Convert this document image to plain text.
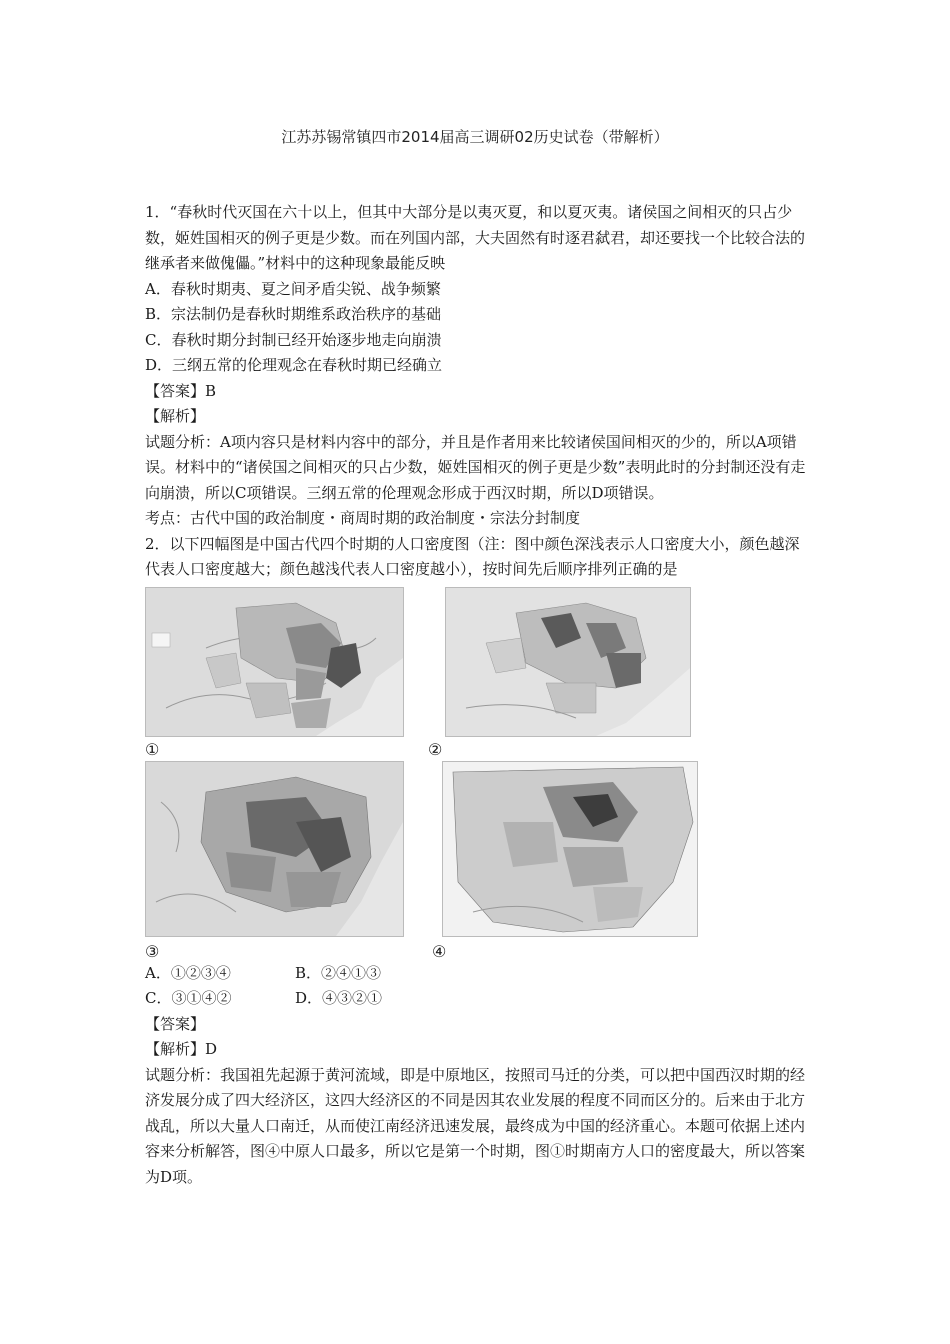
江苏苏锡常镇四市2014届高三调研02历史试卷（带解析）

1．“春秋时代灭国在六十以上，但其中大部分是以夷灭夏，和以夏灭夷。诸侯国之间相灭的只占少数，姬姓国相灭的例子更是少数。而在列国内部，大夫固然有时逐君弑君，却还要找一个比较合法的继承者来做傀儡。”材料中的这种现象最能反映

A．春秋时期夷、夏之间矛盾尖锐、战争频繁

B．宗法制仍是春秋时期维系政治秩序的基础

C．春秋时期分封制已经开始逐步地走向崩溃

D．三纲五常的伦理观念在春秋时期已经确立

【答案】B

【解析】

试题分析：A项内容只是材料内容中的部分，并且是作者用来比较诸侯国间相灭的少的，所以A项错误。材料中的“诸侯国之间相灭的只占少数，姬姓国相灭的例子更是少数”表明此时的分封制还没有走向崩溃，所以C项错误。三纲五常的伦理观念形成于西汉时期，所以D项错误。

考点：古代中国的政治制度・商周时期的政治制度・宗法分封制度

2．以下四幅图是中国古代四个时期的人口密度图（注：图中颜色深浅表示人口密度大小，颜色越深代表人口密度越大；颜色越浅代表人口密度越小），按时间先后顺序排列正确的是

①	②
③	④
A．①②③④	B．②④①③
C．③①④②	D．④③②①

【答案】

【解析】D

试题分析：我国祖先起源于黄河流域，即是中原地区，按照司马迁的分类，可以把中国西汉时期的经济发展分成了四大经济区，这四大经济区的不同是因其农业发展的程度不同而区分的。后来由于北方战乱，所以大量人口南迁，从而使江南经济迅速发展，最终成为中国的经济重心。本题可依据上述内容来分析解答，图④中原人口最多，所以它是第一个时期，图①时期南方人口的密度最大，所以答案为D项。
